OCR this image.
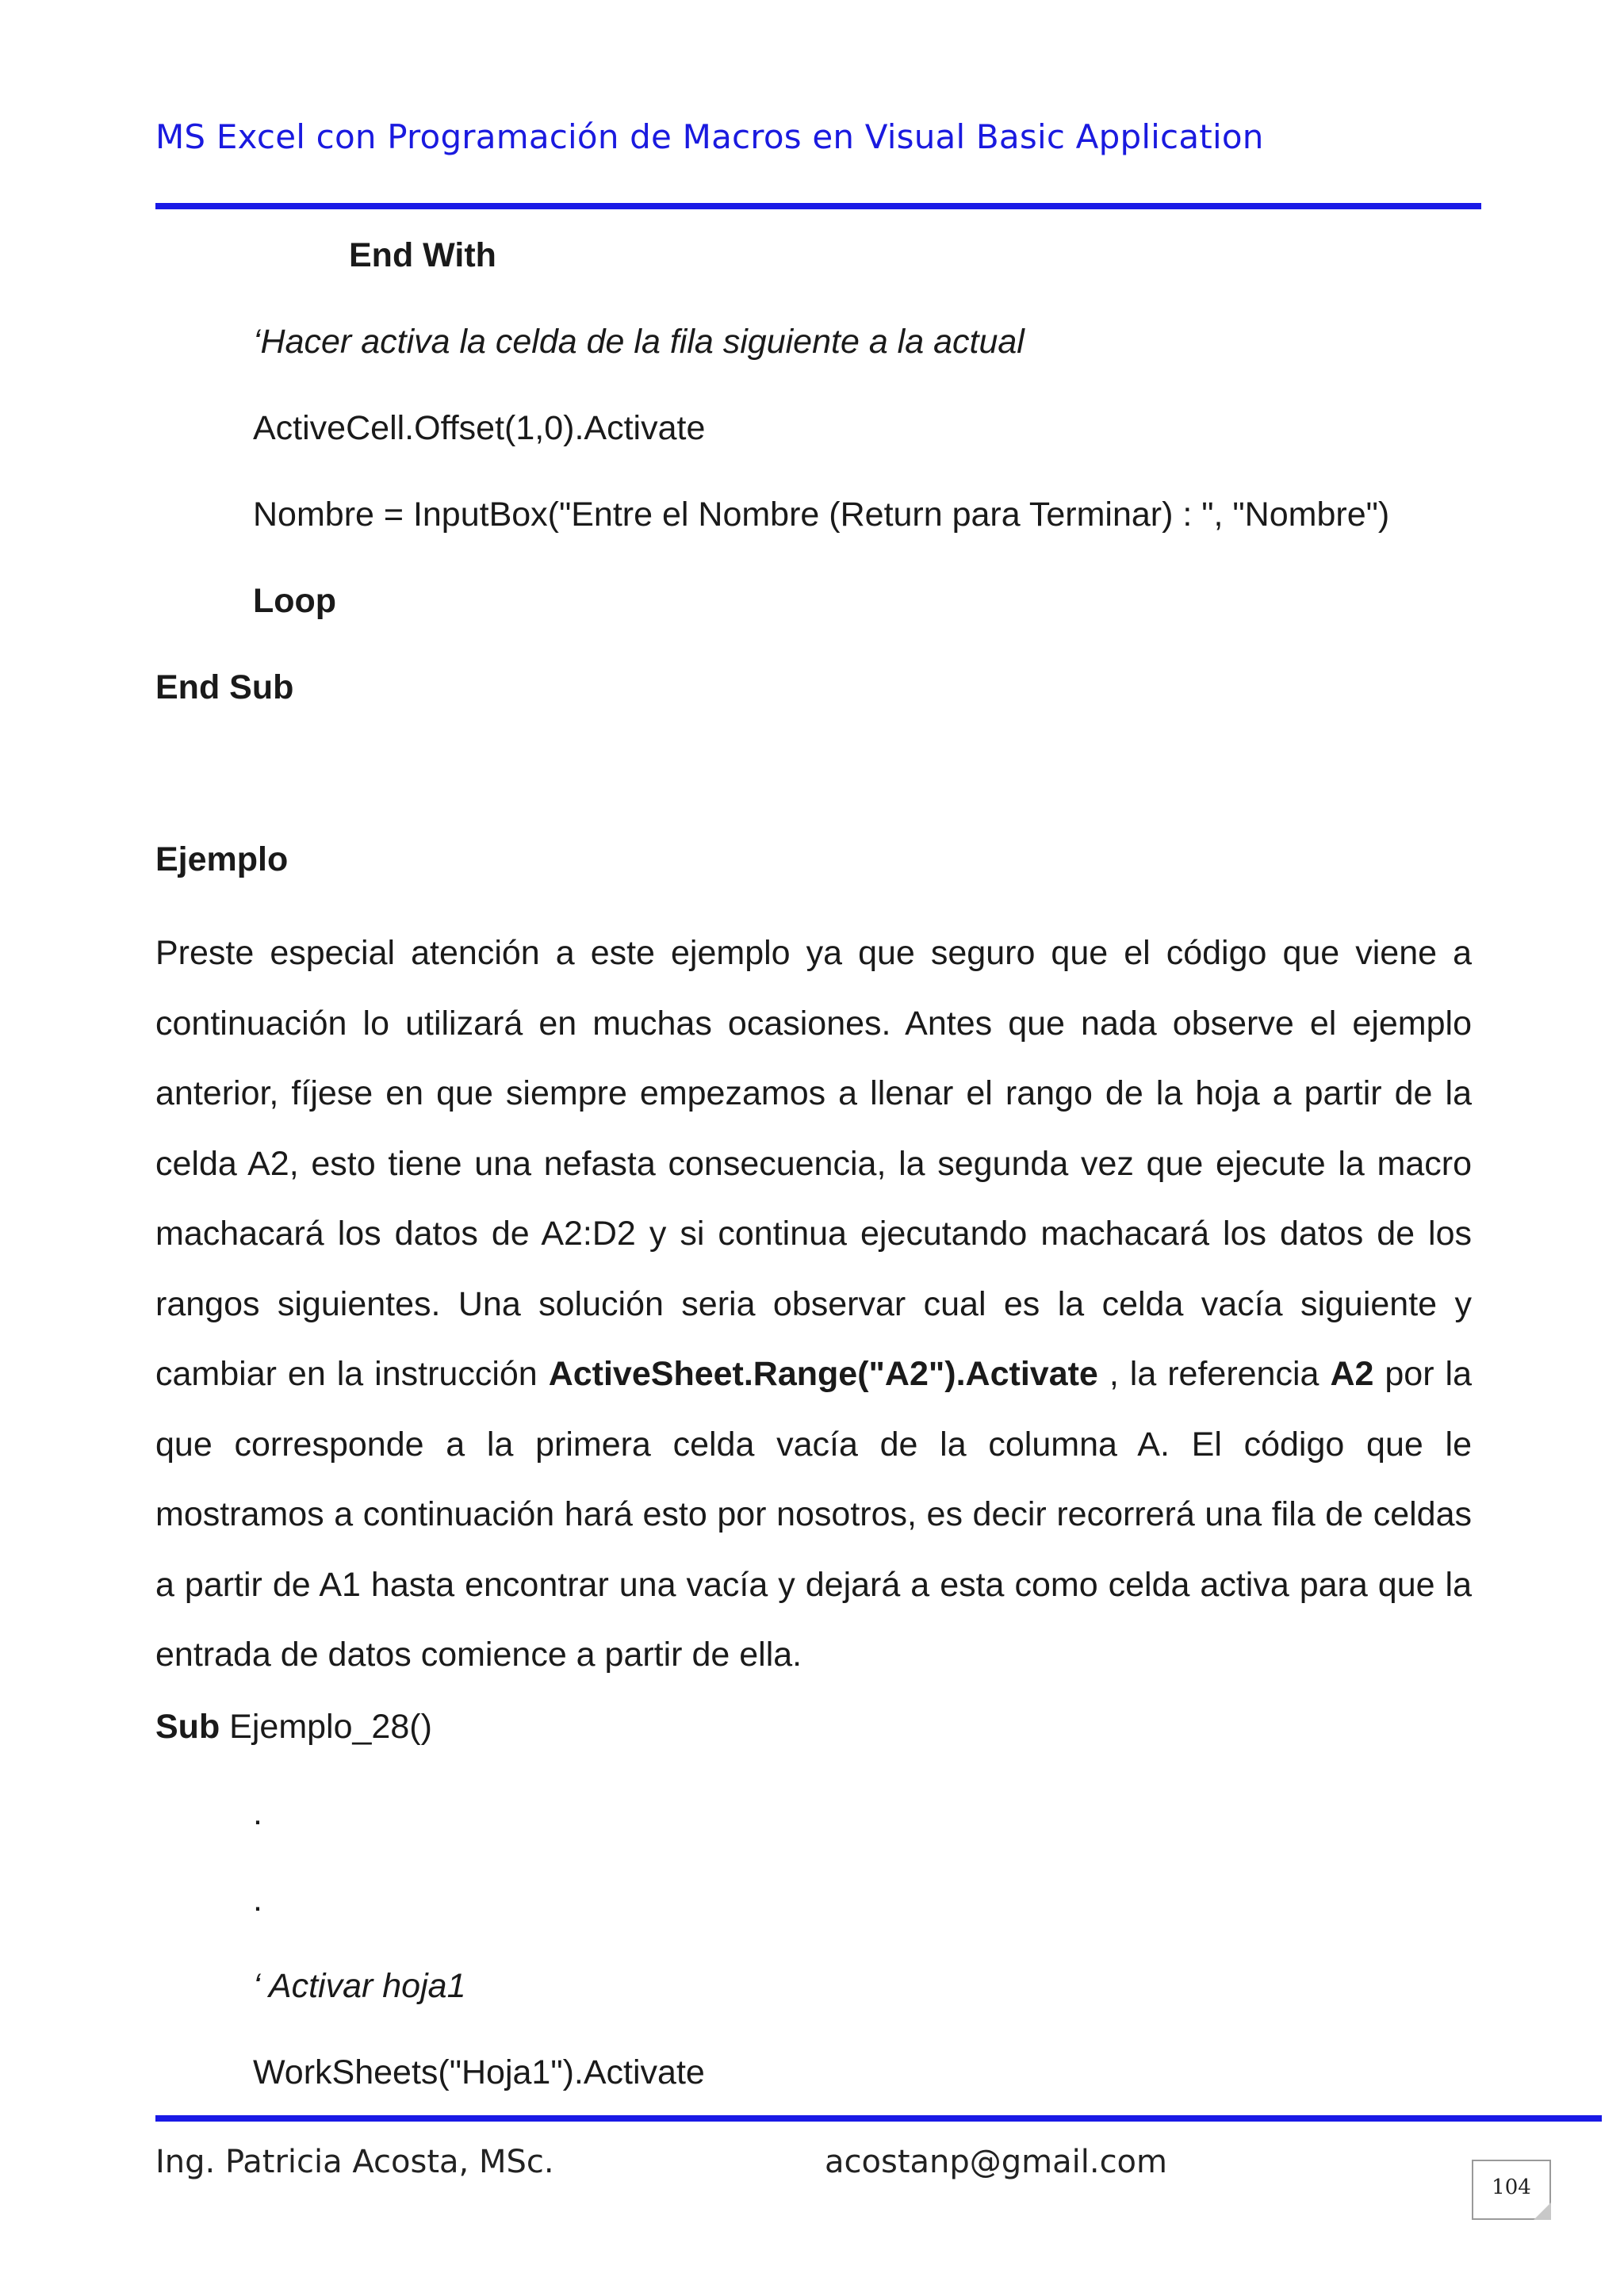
MS Excel con Programación de Macros en Visual Basic Application
End With
‘Hacer activa la celda de la fila siguiente a la actual
ActiveCell.Offset(1,0).Activate
Nombre = InputBox("Entre el Nombre (Return para Terminar) : ", "Nombre")
Loop
End Sub
Ejemplo
Preste especial atención a este ejemplo ya que seguro que el código que viene a continuación lo utilizará en muchas ocasiones. Antes que nada observe el ejemplo anterior, fíjese en que siempre empezamos a llenar el rango de la hoja a partir de la celda A2, esto tiene una nefasta consecuencia, la segunda vez que ejecute la macro machacará los datos de A2:D2 y si continua ejecutando machacará los datos de los rangos siguientes. Una solución seria observar cual es la celda vacía siguiente y cambiar en la instrucción ActiveSheet.Range("A2").Activate , la referencia A2 por la que corresponde a la primera celda vacía de la columna A. El código que le mostramos a continuación hará esto por nosotros, es decir recorrerá una fila de celdas a partir de A1 hasta encontrar una vacía y dejará a esta como celda activa para que la entrada de datos comience a partir de ella.
Sub Ejemplo_28()
.
.
‘ Activar hoja1
WorkSheets("Hoja1").Activate
Ing. Patricia Acosta, MSc.	acostanp@gmail.com
104
